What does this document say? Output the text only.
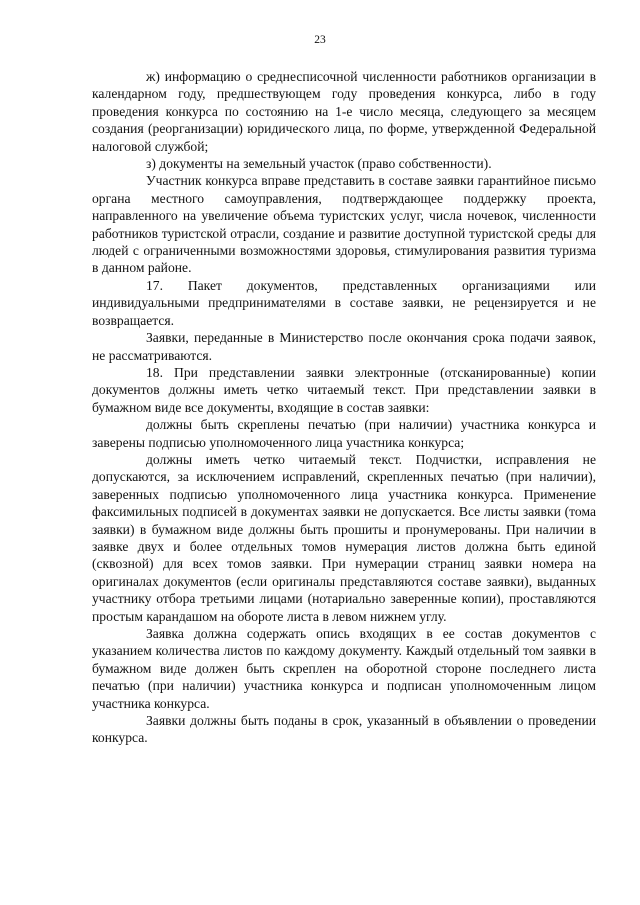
23

ж) информацию о среднесписочной численности работников организации в календарном году, предшествующем году проведения конкурса, либо в году проведения конкурса по состоянию на 1-е число месяца, следующего за месяцем создания (реорганизации) юридического лица, по форме, утвержденной Федеральной налоговой службой;

з) документы на земельный участок (право собственности).

Участник конкурса вправе представить в составе заявки гарантийное письмо органа местного самоуправления, подтверждающее поддержку проекта, направленного на увеличение объема туристских услуг, числа ночевок, численности работников туристской отрасли, создание и развитие доступной туристской среды для людей с ограниченными возможностями здоровья, стимулирования развития туризма в данном районе.

17. Пакет документов, представленных организациями или индивидуальными предпринимателями в составе заявки, не рецензируется и не возвращается.

Заявки, переданные в Министерство после окончания срока подачи заявок, не рассматриваются.

18. При представлении заявки электронные (отсканированные) копии документов должны иметь четко читаемый текст. При представлении заявки в бумажном виде все документы, входящие в состав заявки:

должны быть скреплены печатью (при наличии) участника конкурса и заверены подписью уполномоченного лица участника конкурса;

должны иметь четко читаемый текст. Подчистки, исправления не допускаются, за исключением исправлений, скрепленных печатью (при наличии), заверенных подписью уполномоченного лица участника конкурса. Применение факсимильных подписей в документах заявки не допускается. Все листы заявки (тома заявки) в бумажном виде должны быть прошиты и пронумерованы. При наличии в заявке двух и более отдельных томов нумерация листов должна быть единой (сквозной) для всех томов заявки. При нумерации страниц заявки номера на оригиналах документов (если оригиналы представляются составе заявки), выданных участнику отбора третьими лицами (нотариально заверенные копии), проставляются простым карандашом на обороте листа в левом нижнем углу.

Заявка должна содержать опись входящих в ее состав документов с указанием количества листов по каждому документу. Каждый отдельный том заявки в бумажном виде должен быть скреплен на оборотной стороне последнего листа печатью (при наличии) участника конкурса и подписан уполномоченным лицом участника конкурса.

Заявки должны быть поданы в срок, указанный в объявлении о проведении конкурса.
